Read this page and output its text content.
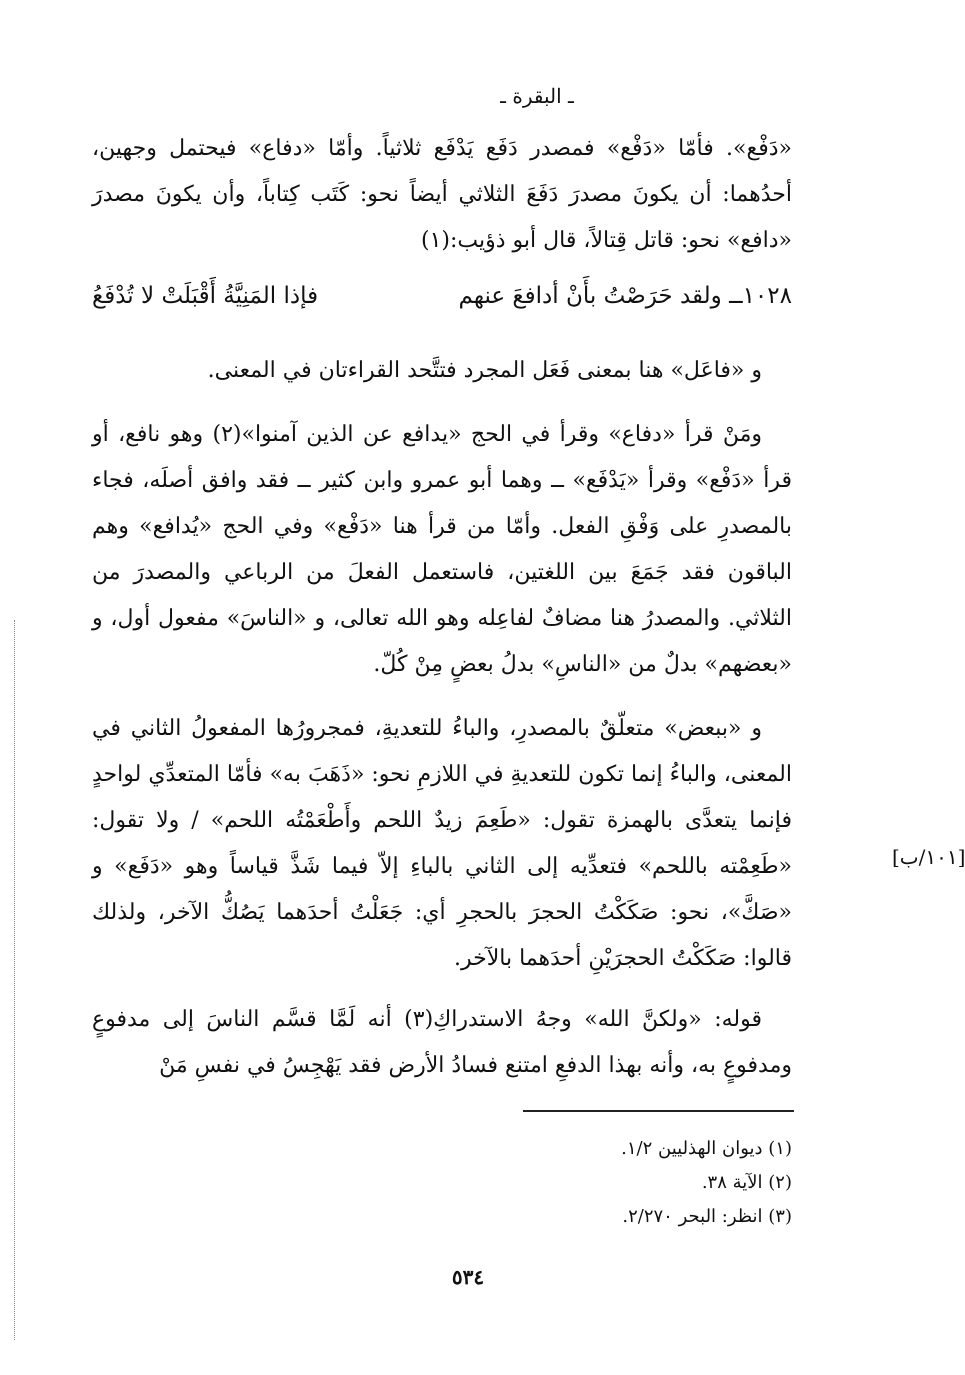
ـ البقرة ـ
«دَفْع». فأمّا «دَفْع» فمصدر دَفَع يَدْفَع ثلاثياً. وأمّا «دفاع» فيحتمل وجهين، أحدُهما: أن يكونَ مصدرَ دَفَعَ الثلاثي أيضاً نحو: كَتَب كِتاباً، وأن يكونَ مصدرَ «دافع» نحو: قاتل قِتالاً، قال أبو ذؤيب:(١)
١٠٢٨ــ ولقد حَرَصْتُ بأَنْ أدافعَ عنهم
فإذا المَنِيَّةُ أَقْبَلَتْ لا تُدْفَعُ
و «فاعَل» هنا بمعنى فَعَل المجرد فتتَّحد القراءتان في المعنى.
ومَنْ قرأ «دفاع» وقرأ في الحج «يدافع عن الذين آمنوا»(٢) وهو نافع، أو قرأ «دَفْع» وقرأ «يَدْفَع» ــ وهما أبو عمرو وابن كثير ــ فقد وافق أصلَه، فجاء بالمصدرِ على وَفْقِ الفعل. وأمّا من قرأ هنا «دَفْع» وفي الحج «يُدافع» وهم الباقون فقد جَمَعَ بين اللغتين، فاستعمل الفعلَ من الرباعي والمصدرَ من الثلاثي. والمصدرُ هنا مضافٌ لفاعِله وهو الله تعالى، و «الناسَ» مفعول أول، و «بعضهم» بدلٌ من «الناسِ» بدلُ بعضٍ مِنْ كُلّ.
و «ببعض» متعلّقٌ بالمصدرِ، والباءُ للتعديةِ، فمجرورُها المفعولُ الثاني في المعنى، والباءُ إنما تكون للتعديةِ في اللازمِ نحو: «ذَهَبَ به» فأمّا المتعدِّي لواحدٍ فإنما يتعدَّى بالهمزة تقول: «طَعِمَ زيدٌ اللحم وأَطْعَمْتُه اللحم» / ولا تقول: «طَعِمْته باللحم» فتعدِّيه إلى الثاني بالباءِ إلاّ فيما شَذَّ قياساً وهو «دَفَع» و «صَكَّ»، نحو: صَكَكْتُ الحجرَ بالحجرِ أي: جَعَلْتُ أحدَهما يَصُكُّ الآخر، ولذلك قالوا: صَكَكْتُ الحجرَيْنِ أحدَهما بالآخر.
[١٠١/ب]
قوله: «ولكنَّ الله» وجهُ الاستدراكِ(٣) أنه لَمَّا قسَّم الناسَ إلى مدفوعٍ ومدفوعٍ به، وأنه بهذا الدفعِ امتنع فسادُ الأرض فقد يَهْجِسُ في نفسِ مَنْ
(١) ديوان الهذليين ١/٢.
(٢) الآية ٣٨.
(٣) انظر: البحر ٢/٢٧٠.
٥٣٤
